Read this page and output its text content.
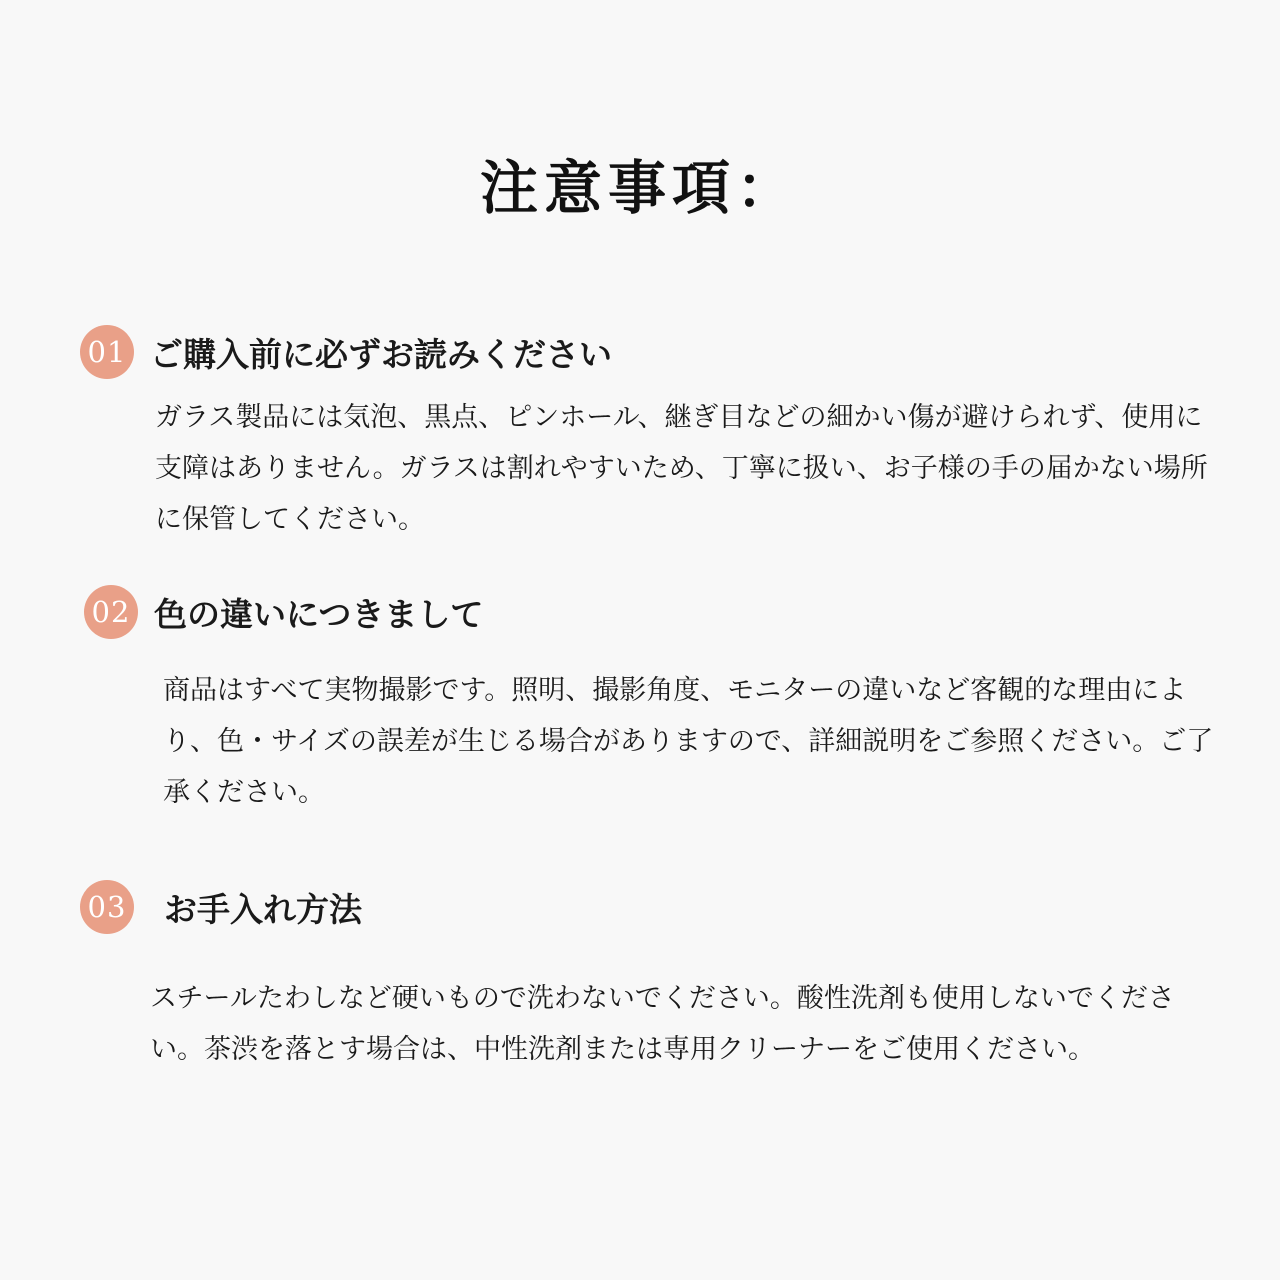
注意事項：
01 ご購入前に必ずお読みください

ガラス製品には気泡、黒点、ピンホール、継ぎ目などの細かい傷が避けられず、使用に支障はありません。ガラスは割れやすいため、丁寧に扱い、お子様の手の届かない場所に保管してください。

02 色の違いにつきまして

商品はすべて実物撮影です。照明、撮影角度、モニターの違いなど客観的な理由により、色・サイズの誤差が生じる場合がありますので、詳細説明をご参照ください。ご了承ください。

03 お手入れ方法

スチールたわしなど硬いもので洗わないでください。酸性洗剤も使用しないでください。茶渋を落とす場合は、中性洗剤または専用クリーナーをご使用ください。
